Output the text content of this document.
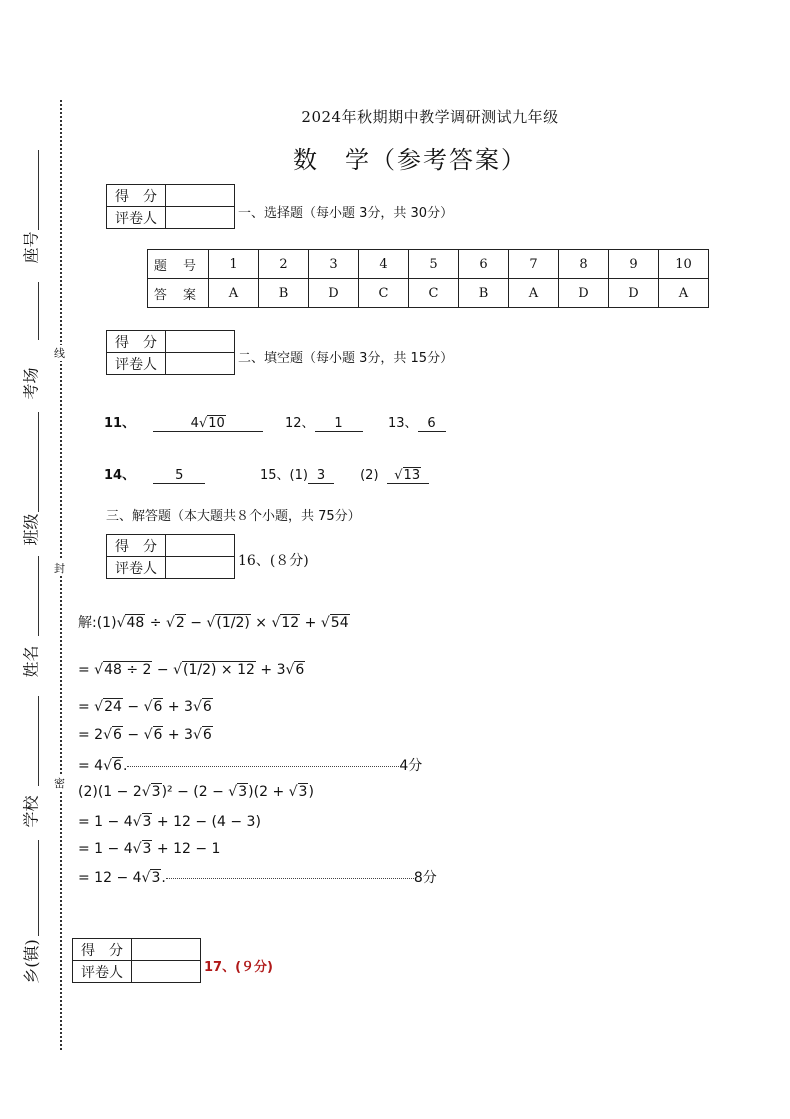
座号
考场
班级
姓名
学校
乡(镇)
线
封
密
2024年秋期期中教学调研测试九年级
数　学（参考答案）
得　分	
评卷人		一、选择题（每小题 3分，共 30分）
题 号	1	2	3	4	5	6	7	8	9	10
答 案	A	B	D	C	C	B	A	D	D	A
得　分	
评卷人		二、填空题（每小题 3分，共 15分）
11、	4√10	12、 1	13、 6
14、	5	15、(1) 3	(2) √13
三、解答题（本大题共８个小题，共 75分）
得　分	
评卷人		16、(８分)
解:(1)√48 ÷ √2 − √(1/2) × √12 + √54
= √48 ÷ 2 − √(1/2) × 12 + 3√6
= √24 − √6 + 3√6
= 2√6 − √6 + 3√6
= 4√6.	4分
(2)(1 − 2√3)² − (2 − √3)(2 + √3)
= 1 − 4√3 + 12 − (4 − 3)
= 1 − 4√3 + 12 − 1
= 12 − 4√3.	8分
得　分	
评卷人		17、(９分)
